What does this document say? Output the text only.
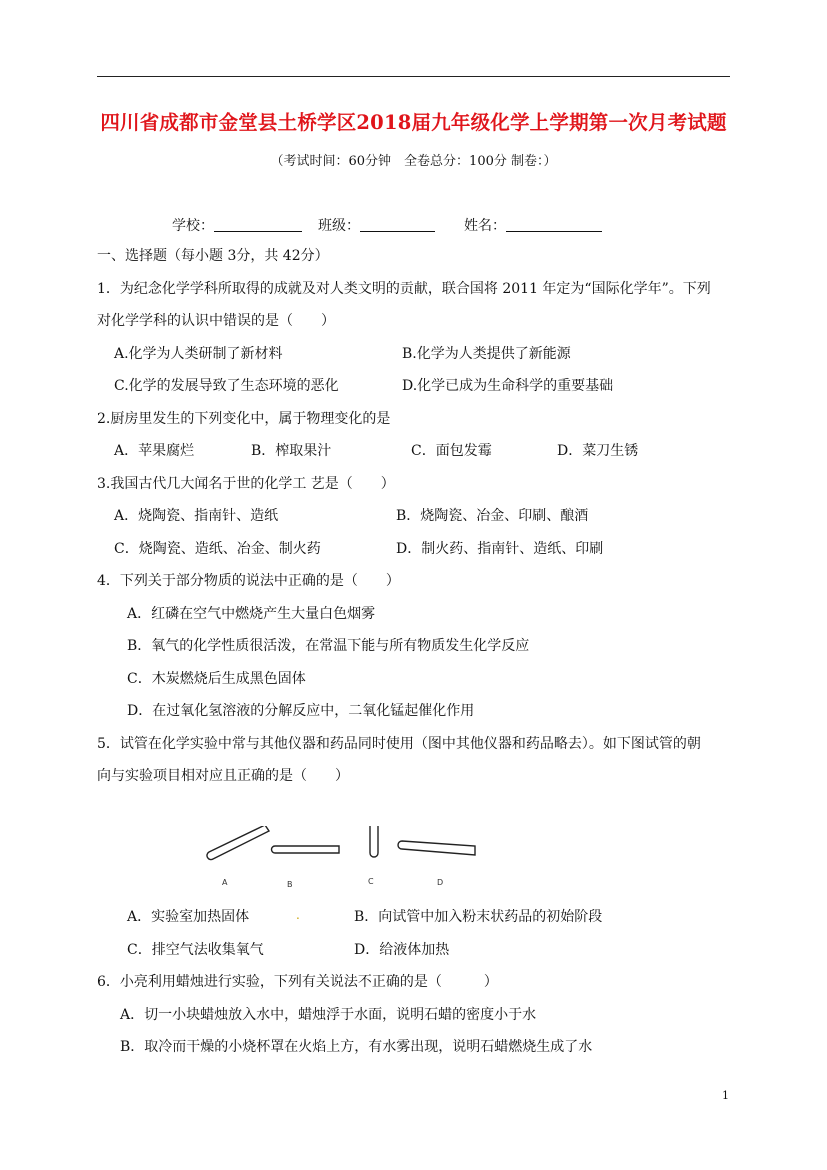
四川省成都市金堂县土桥学区2018届九年级化学上学期第一次月考试题
（考试时间：60分钟　全卷总分：100分 制卷：）
学校：	班级：	姓名：
一、选择题（每小题 3分，共 42分）
1．为纪念化学学科所取得的成就及对人类文明的贡献，联合国将 2011 年定为“国际化学年”。下列
对化学学科的认识中错误的是（　　）
A.化学为人类研制了新材料	B.化学为人类提供了新能源
C.化学的发展导致了生态环境的恶化	D.化学已成为生命科学的重要基础
2.厨房里发生的下列变化中，属于物理变化的是
A．苹果腐烂	B．榨取果汁	C．面包发霉	D．菜刀生锈
3.我国古代几大闻名于世的化学工 艺是（　　）
A．烧陶瓷、指南针、造纸	B．烧陶瓷、冶金、印刷、酿酒
C．烧陶瓷、造纸、冶金、制火药	D．制火药、指南针、造纸、印刷
4．下列关于部分物质的说法中正确的是（　　）
A．红磷在空气中燃烧产生大量白色烟雾
B．氧气的化学性质很活泼，在常温下能与所有物质发生化学反应
C．木炭燃烧后生成黑色固体
D．在过氧化氢溶液的分解反应中，二氧化锰起催化作用
5．试管在化学实验中常与其他仪器和药品同时使用（图中其他仪器和药品略去）。如下图试管的朝
向与实验项目相对应且正确的是（　　）
A	B	C	D
A．实验室加热固体	.	B．向试管中加入粉末状药品的初始阶段
C．排空气法收集氧气	D．给液体加热
6．小亮利用蜡烛进行实验，下列有关说法不正确的是（　　　）
A．切一小块蜡烛放入水中，蜡烛浮于水面，说明石蜡的密度小于水
B．取冷而干燥的小烧杯罩在火焰上方，有水雾出现，说明石蜡燃烧生成了水
1
